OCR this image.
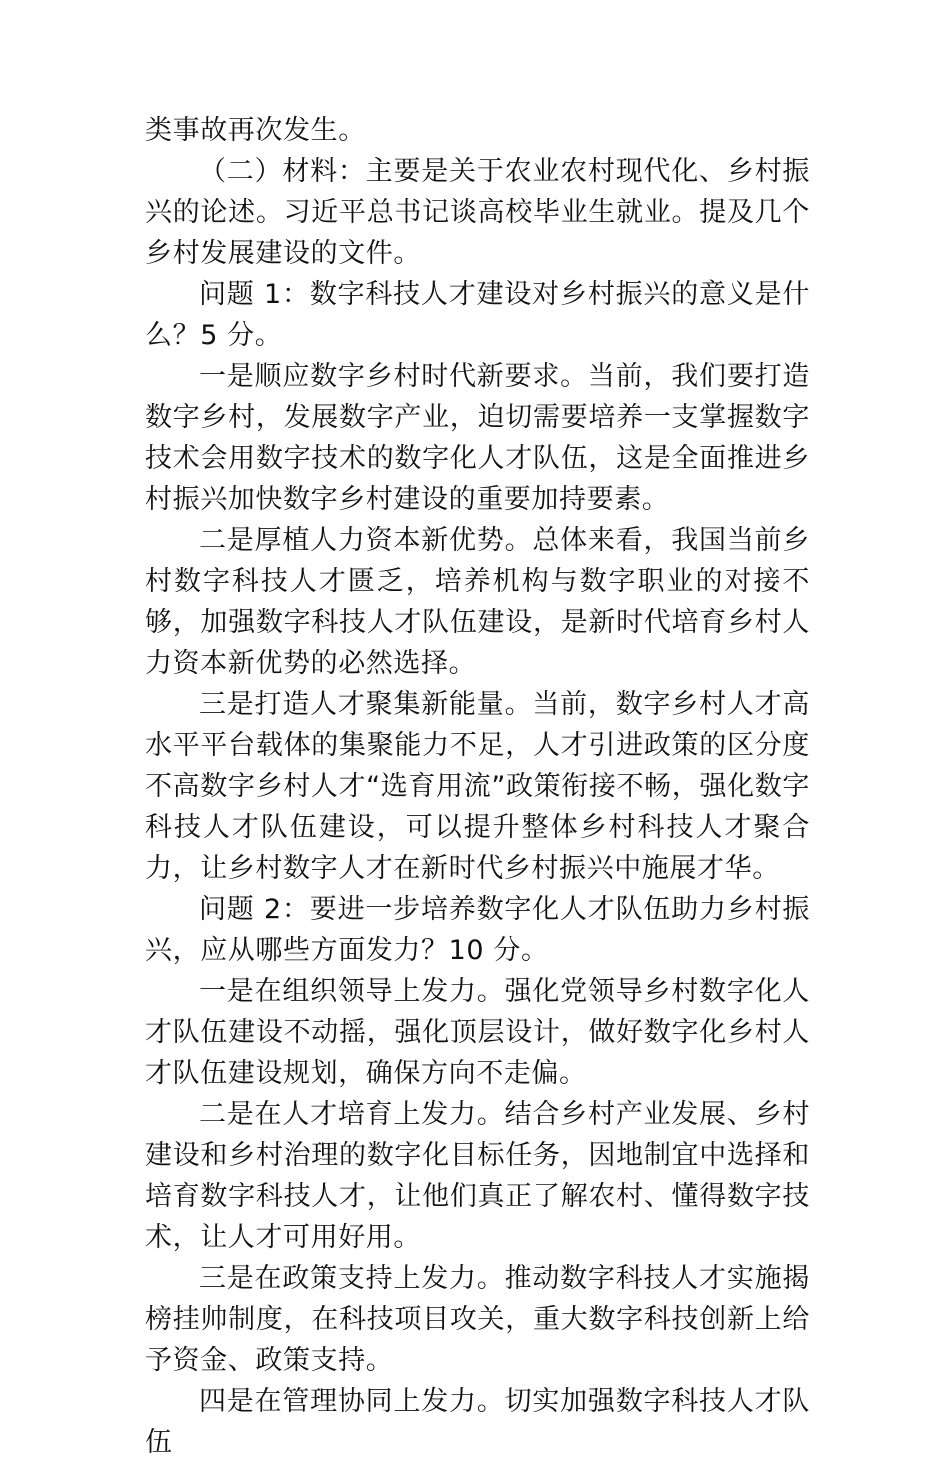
类事故再次发生。

（二）材料：主要是关于农业农村现代化、乡村振兴的论述。习近平总书记谈高校毕业生就业。提及几个乡村发展建设的文件。

问题 1：数字科技人才建设对乡村振兴的意义是什么？5 分。

一是顺应数字乡村时代新要求。当前，我们要打造数字乡村，发展数字产业，迫切需要培养一支掌握数字技术会用数字技术的数字化人才队伍，这是全面推进乡村振兴加快数字乡村建设的重要加持要素。

二是厚植人力资本新优势。总体来看，我国当前乡村数字科技人才匮乏，培养机构与数字职业的对接不够，加强数字科技人才队伍建设，是新时代培育乡村人力资本新优势的必然选择。

三是打造人才聚集新能量。当前，数字乡村人才高水平平台载体的集聚能力不足，人才引进政策的区分度不高数字乡村人才“选育用流”政策衔接不畅，强化数字科技人才队伍建设，可以提升整体乡村科技人才聚合力，让乡村数字人才在新时代乡村振兴中施展才华。

问题 2：要进一步培养数字化人才队伍助力乡村振兴，应从哪些方面发力？10 分。

一是在组织领导上发力。强化党领导乡村数字化人才队伍建设不动摇，强化顶层设计，做好数字化乡村人才队伍建设规划，确保方向不走偏。

二是在人才培育上发力。结合乡村产业发展、乡村建设和乡村治理的数字化目标任务，因地制宜中选择和培育数字科技人才，让他们真正了解农村、懂得数字技术，让人才可用好用。

三是在政策支持上发力。推动数字科技人才实施揭榜挂帅制度，在科技项目攻关，重大数字科技创新上给予资金、政策支持。

四是在管理协同上发力。切实加强数字科技人才队伍
